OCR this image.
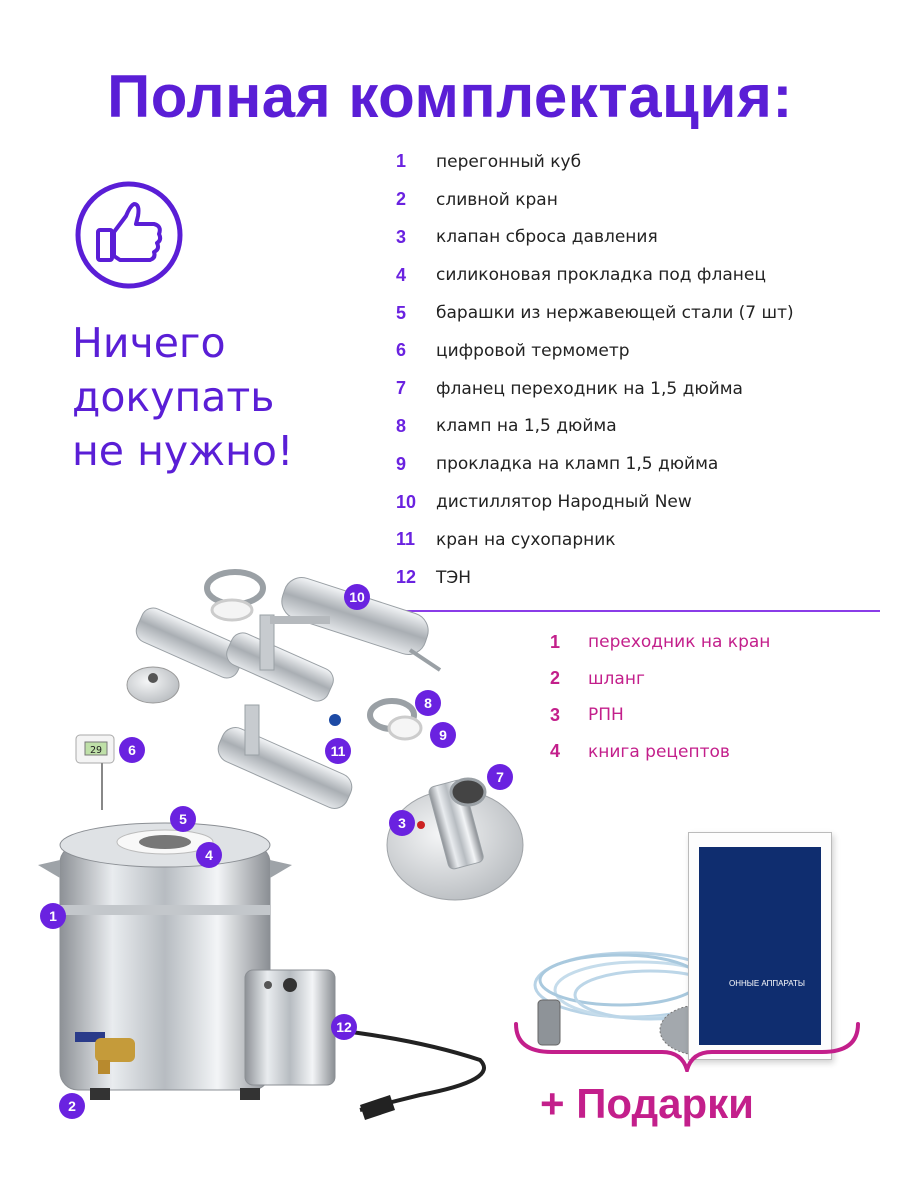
Полная комплектация:
Ничего
докупать
не нужно!
1	перегонный куб
2	сливной кран
3	клапан сброса давления
4	силиконовая прокладка под фланец
5	барашки из нержавеющей стали (7 шт)
6	цифровой термометр
7	фланец переходник на 1,5 дюйма
8	кламп на 1,5 дюйма
9	прокладка на кламп 1,5 дюйма
10	дистиллятор Народный New
11	кран на сухопарник
12	ТЭН
1	переходник на кран
2	шланг
3	РПН
4	книга рецептов
29
ОННЫЕ АППАРАТЫ
1
2
3
4
5
6
7
8
9
10
11
12
+ Подарки
